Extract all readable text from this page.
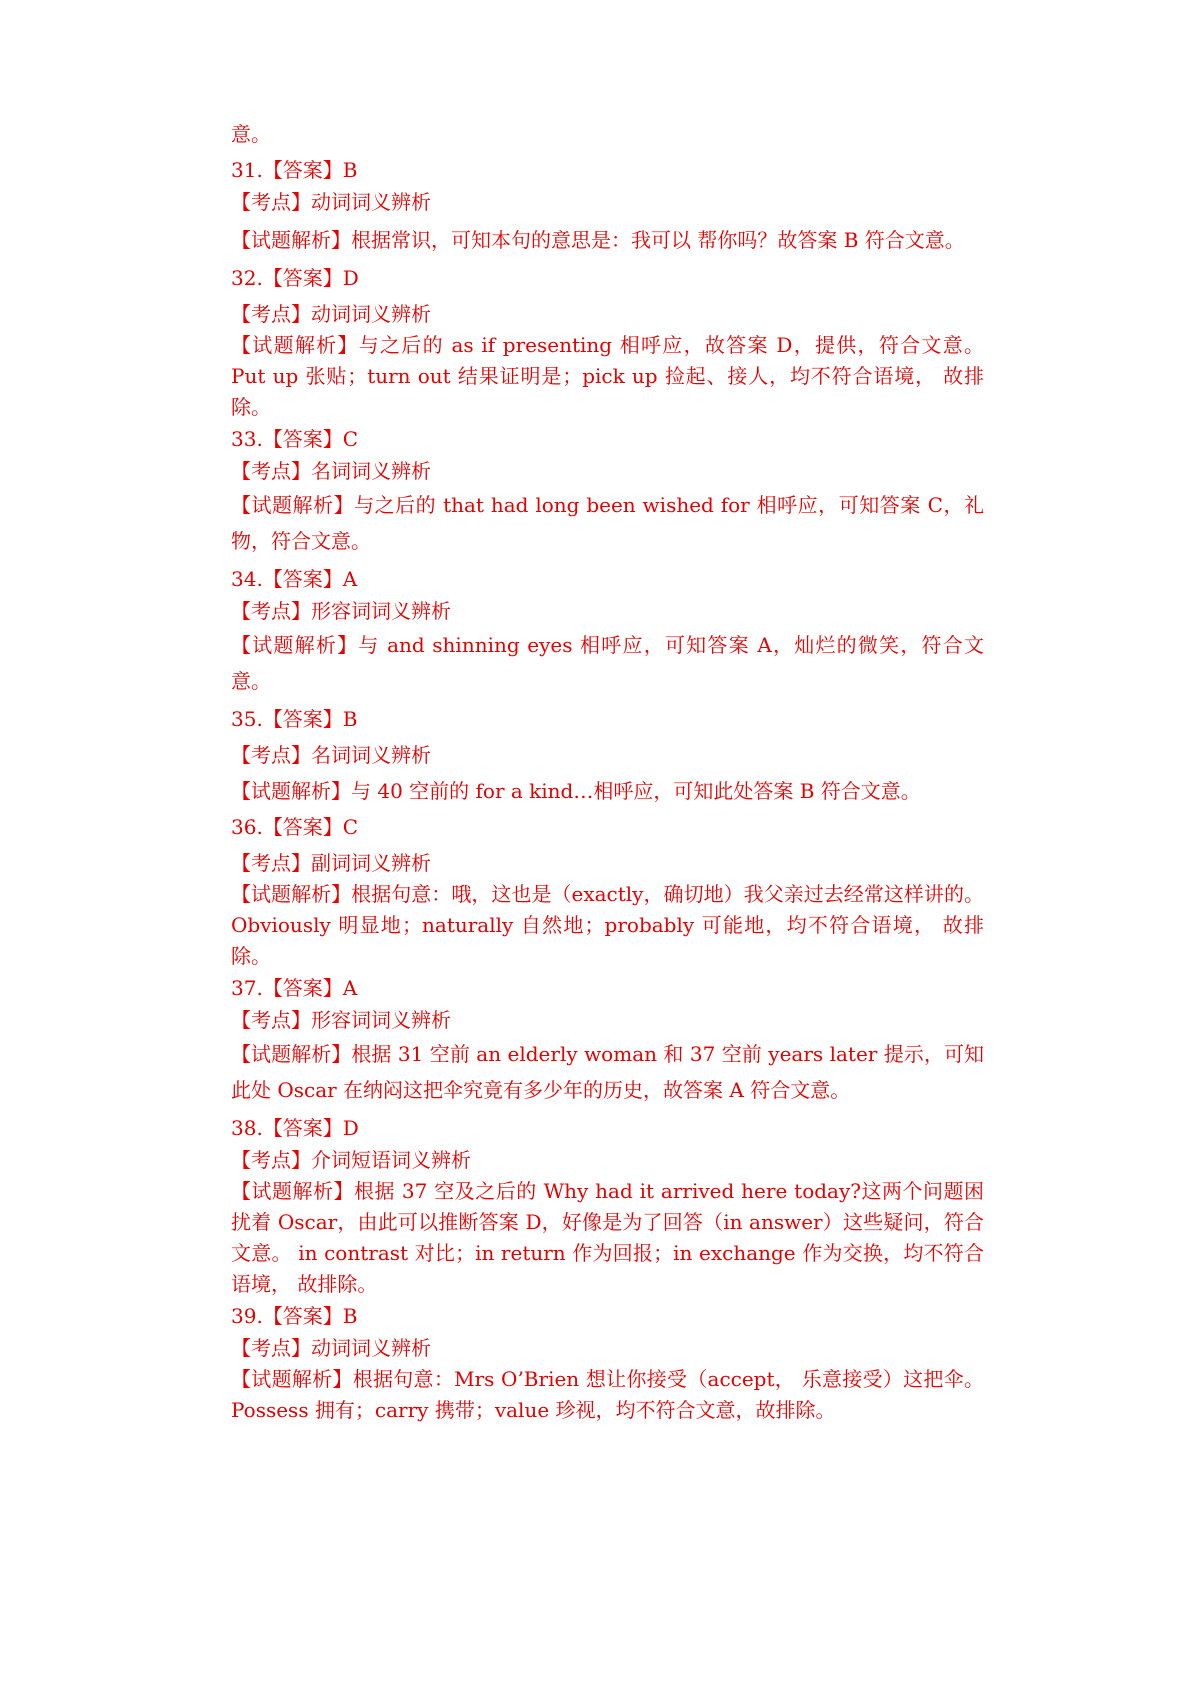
意。

31.【答案】B

【考点】动词词义辨析

【试题解析】根据常识，可知本句的意思是：我可以 帮你吗？故答案 B 符合文意。

32.【答案】D

【考点】动词词义辨析

【试题解析】与之后的 as if presenting 相呼应，故答案 D，提供，符合文意。 Put up 张贴；turn out 结果证明是；pick up 捡起、接人，均不符合语境， 故排除。

33.【答案】C

【考点】名词词义辨析

【试题解析】与之后的 that had long been wished for 相呼应，可知答案 C，礼物，符合文意。

34.【答案】A

【考点】形容词词义辨析

【试题解析】与 and shinning eyes 相呼应，可知答案 A，灿烂的微笑，符合文意。

35.【答案】B

【考点】名词词义辨析

【试题解析】与 40 空前的 for a kind…相呼应，可知此处答案 B 符合文意。

36.【答案】C

【考点】副词词义辨析

【试题解析】根据句意：哦，这也是（exactly，确切地）我父亲过去经常这样讲的。 Obviously 明显地；naturally 自然地；probably 可能地，均不符合语境， 故排除。

37.【答案】A

【考点】形容词词义辨析

【试题解析】根据 31 空前 an elderly woman 和 37 空前 years later 提示，可知此处 Oscar 在纳闷这把伞究竟有多少年的历史，故答案 A 符合文意。

38.【答案】D

【考点】介词短语词义辨析

【试题解析】根据 37 空及之后的 Why had it arrived here today?这两个问题困扰着 Oscar，由此可以推断答案 D，好像是为了回答（in answer）这些疑问，符合文意。 in contrast 对比；in return 作为回报；in exchange 作为交换，均不符合语境， 故排除。

39.【答案】B

【考点】动词词义辨析

【试题解析】根据句意：Mrs O’Brien 想让你接受（accept， 乐意接受）这把伞。 Possess 拥有；carry 携带；value 珍视，均不符合文意，故排除。
